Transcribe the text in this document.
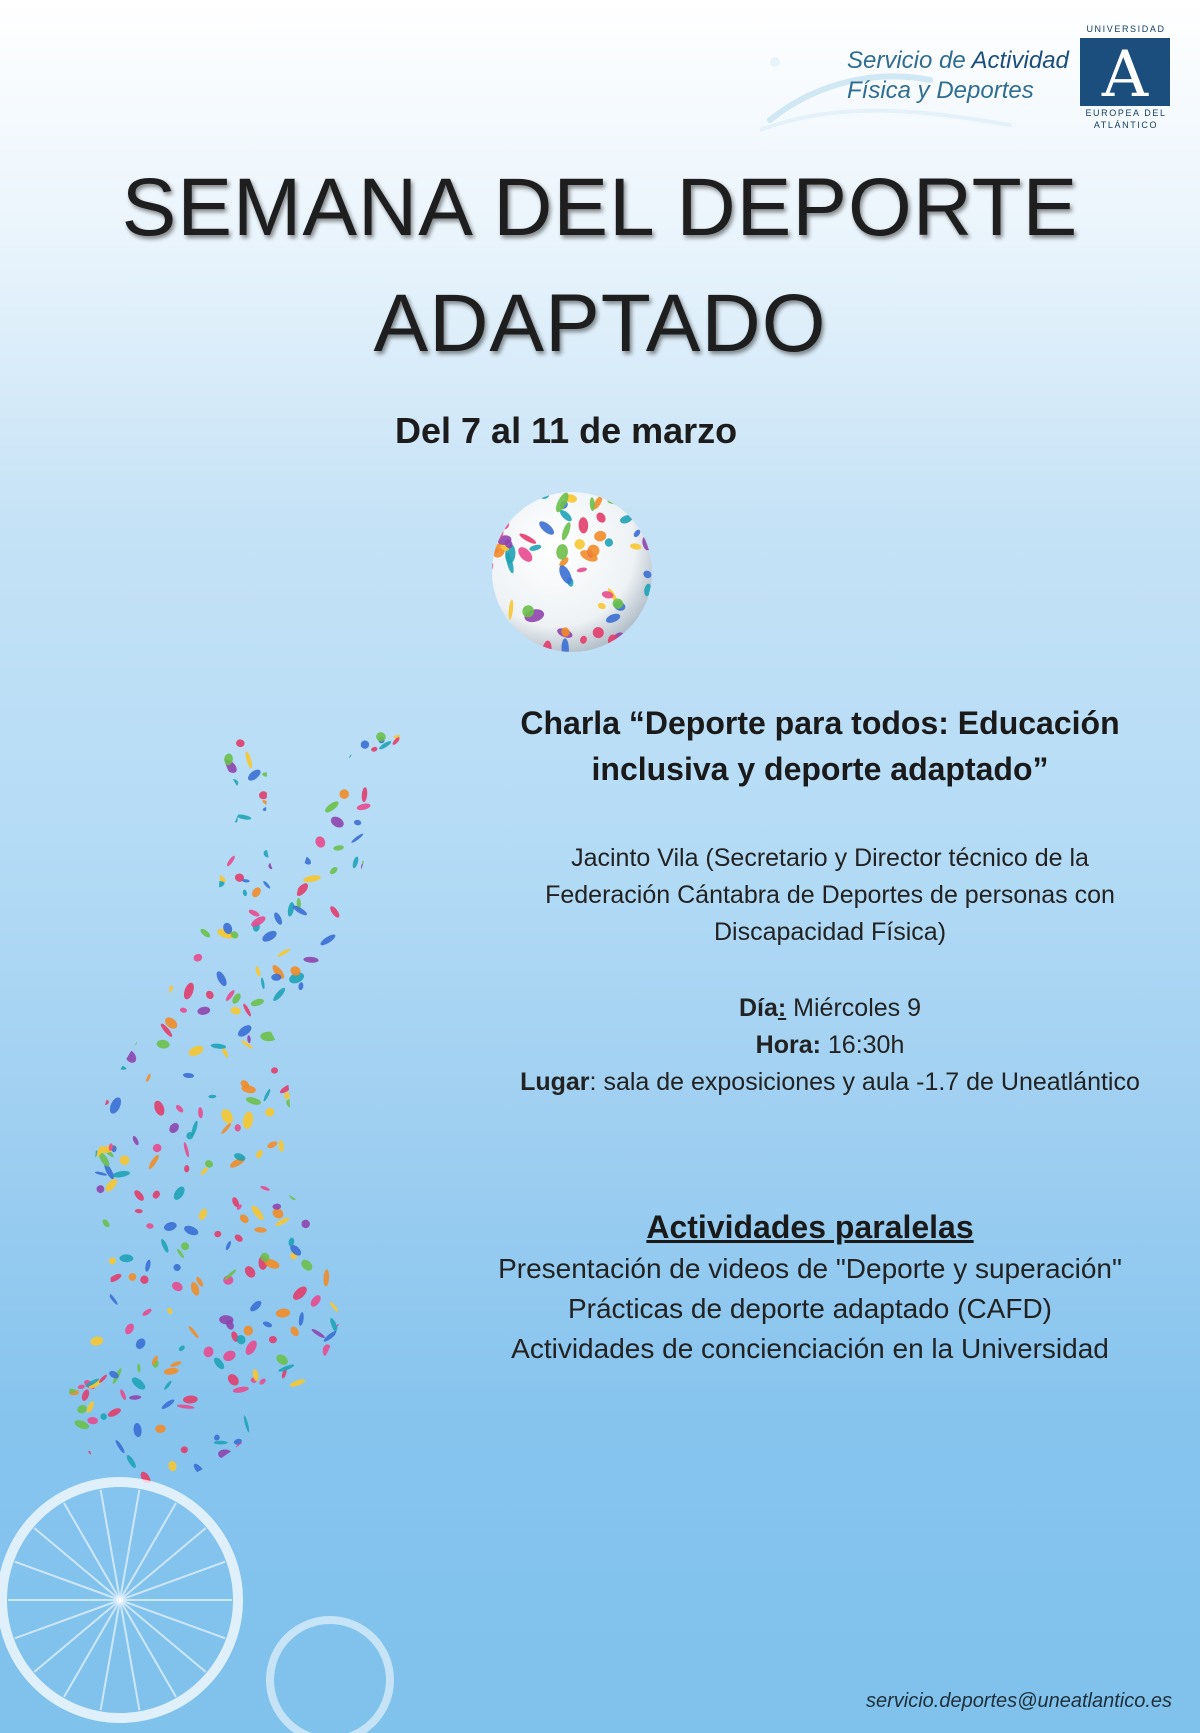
Servicio de Actividad
Física y Deportes
UNIVERSIDAD
A
EUROPEA DEL
ATLÁNTICO
SEMANA DEL DEPORTE
ADAPTADO
Del 7 al 11 de marzo
Charla “Deporte para todos: Educación
inclusiva y deporte adaptado”
Jacinto Vila (Secretario y Director técnico de la
Federación Cántabra de Deportes de personas con
Discapacidad Física)
Día: Miércoles 9
Hora: 16:30h
Lugar: sala de exposiciones y aula -1.7 de Uneatlántico
Actividades paralelas
Presentación de videos de "Deporte y superación"
Prácticas de deporte adaptado (CAFD)
Actividades de concienciación en la Universidad
servicio.deportes@uneatlantico.es
